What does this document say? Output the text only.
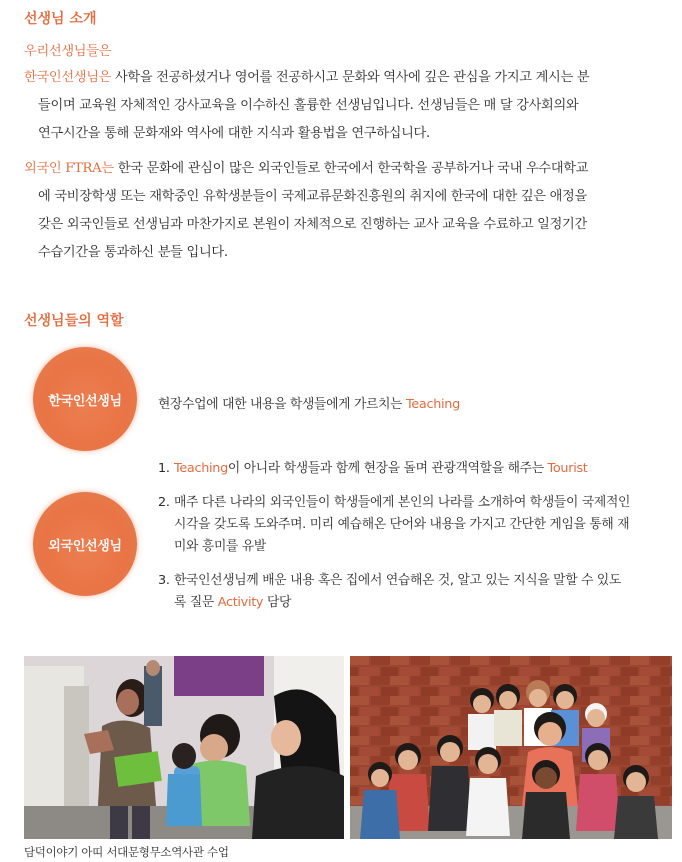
선생님 소개
우리선생님들은
한국인선생님은 사학을 전공하셨거나 영어를 전공하시고 문화와 역사에 깊은 관심을 가지고 계시는 분
들이며 교육원 자체적인 강사교육을 이수하신 훌륭한 선생님입니다. 선생님들은 매 달 강사회의와
연구시간을 통해 문화재와 역사에 대한 지식과 활용법을 연구하십니다.
외국인 FTRA는 한국 문화에 관심이 많은 외국인들로 한국에서 한국학을 공부하거나 국내 우수대학교
에 국비장학생 또는 재학중인 유학생분들이 국제교류문화진흥원의 취지에 한국에 대한 깊은 애정을
갖은 외국인들로 선생님과 마찬가지로 본원이 자체적으로 진행하는 교사 교육을 수료하고 일정기간
수습기간을 통과하신 분들 입니다.
선생님들의 역할
한국인선생님	현장수업에 대한 내용을 학생들에게 가르치는 Teaching
외국인선생님
1. Teaching이 아니라 학생들과 함께 현장을 돌며 관광객역할을 해주는 Tourist
2. 매주 다른 나라의 외국인들이 학생들에게 본인의 나라를 소개하여 학생들이 국제적인
시각을 갖도록 도와주며. 미리 예습해온 단어와 내용을 가지고 간단한 게임을 통해 재
미와 흥미를 유발
3. 한국인선생님께 배운 내용 혹은 집에서 연습해온 것, 알고 있는 지식을 말할 수 있도
록 질문 Activity 담당
담덕이야기 아띠 서대문형무소역사관 수업
